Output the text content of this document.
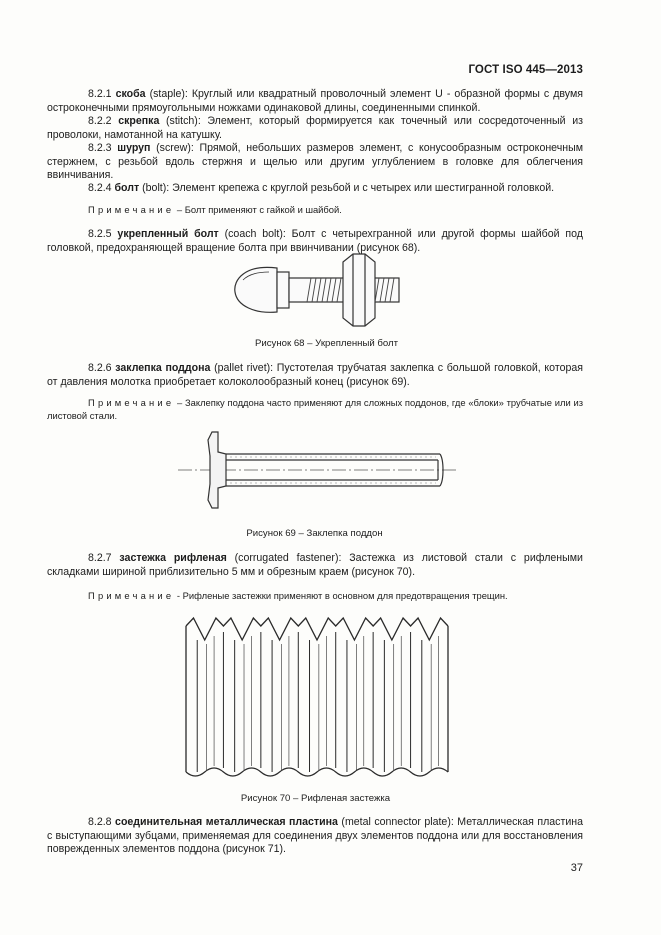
ГОСТ ISO 445—2013
8.2.1 скоба (staple): Круглый или квадратный проволочный элемент U - образной формы с двумя остроконечными прямоугольными ножками одинаковой длины, соединенными спинкой.
8.2.2 скрепка (stitch): Элемент, который формируется как точечный или сосредоточенный из проволоки, намотанной на катушку.
8.2.3 шуруп (screw): Прямой, небольших размеров элемент, с конусообразным остроконечным стержнем, с резьбой вдоль стержня и щелью или другим углублением в головке для облегчения ввинчивания.
8.2.4 болт (bolt): Элемент крепежа с круглой резьбой и с четырех или шестигранной головкой.
Примечание – Болт применяют с гайкой и шайбой.
8.2.5 укрепленный болт (coach bolt): Болт с четырехгранной или другой формы шайбой под головкой, предохраняющей вращение болта при ввинчивании (рисунок 68).
Рисунок 68 – Укрепленный болт
8.2.6 заклепка поддона (pallet rivet): Пустотелая трубчатая заклепка с большой головкой, которая от давления молотка приобретает колоколообразный конец (рисунок 69).
Примечание – Заклепку поддона часто применяют для сложных поддонов, где «блоки» трубчатые или из листовой стали.
Рисунок 69 – Заклепка поддон
8.2.7 застежка рифленая (corrugated fastener): Застежка из листовой стали с рифлеными складками шириной приблизительно 5 мм и обрезным краем (рисунок 70).
Примечание - Рифленые застежки применяют в основном для предотвращения трещин.
Рисунок 70 – Рифленая застежка
8.2.8 соединительная металлическая пластина (metal connector plate): Металлическая пластина с выступающими зубцами, применяемая для соединения двух элементов поддона или для восстановления поврежденных элементов поддона (рисунок 71).
37
